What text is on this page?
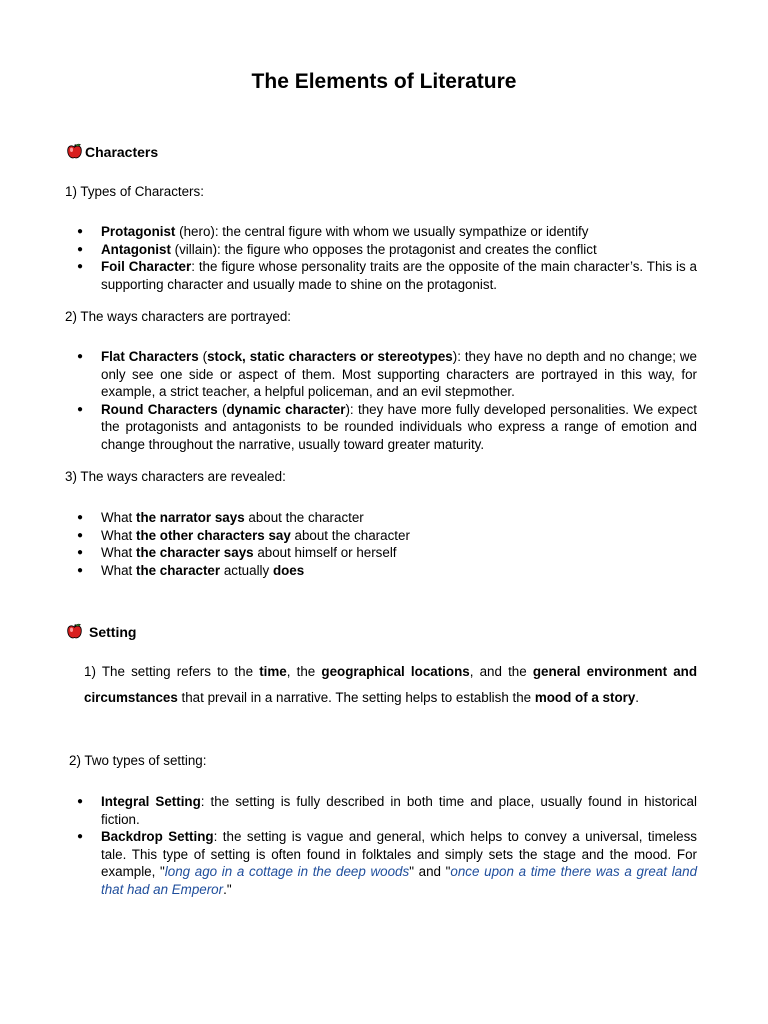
The Elements of Literature
Characters
1) Types of Characters:
● Protagonist (hero): the central figure with whom we usually sympathize or identify
● Antagonist (villain): the figure who opposes the protagonist and creates the conflict
● Foil Character: the figure whose personality traits are the opposite of the main character’s. This is a supporting character and usually made to shine on the protagonist.
2) The ways characters are portrayed:
● Flat Characters (stock, static characters or stereotypes): they have no depth and no change; we only see one side or aspect of them. Most supporting characters are portrayed in this way, for example, a strict teacher, a helpful policeman, and an evil stepmother.
● Round Characters (dynamic character): they have more fully developed personalities. We expect the protagonists and antagonists to be rounded individuals who express a range of emotion and change throughout the narrative, usually toward greater maturity.
3) The ways characters are revealed:
● What the narrator says about the character
● What the other characters say about the character
● What the character says about himself or herself
● What the character actually does
Setting
1) The setting refers to the time, the geographical locations, and the general environment and circumstances that prevail in a narrative. The setting helps to establish the mood of a story.
2) Two types of setting:
● Integral Setting: the setting is fully described in both time and place, usually found in historical fiction.
● Backdrop Setting: the setting is vague and general, which helps to convey a universal, timeless tale. This type of setting is often found in folktales and simply sets the stage and the mood. For example, "long ago in a cottage in the deep woods" and "once upon a time there was a great land that had an Emperor."
